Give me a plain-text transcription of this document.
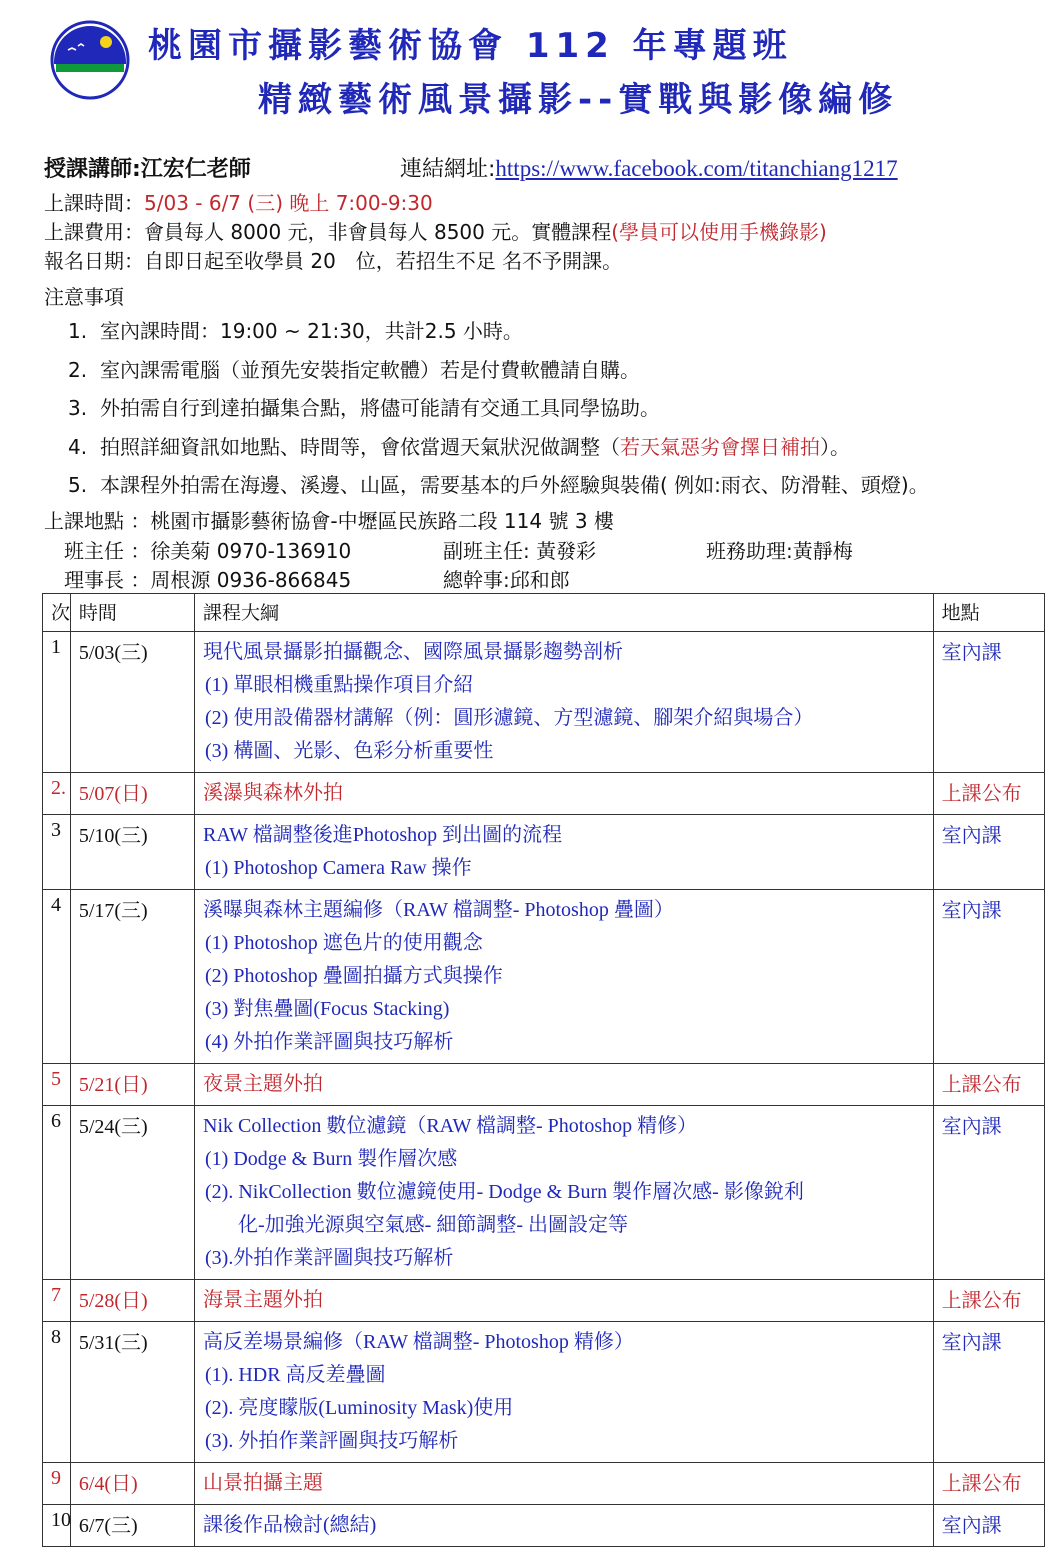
桃園市攝影藝術協會 112 年專題班
精緻藝術風景攝影--實戰與影像編修
授課講師:江宏仁老師	連結網址:https://www.facebook.com/titanchiang1217
上課時間：5/03 - 6/7 (三) 晚上 7:00-9:30
上課費用：會員每人 8000 元，非會員每人 8500 元。實體課程(學員可以使用手機錄影)
報名日期：自即日起至收學員 20　位，若招生不足 名不予開課。
注意事項
1. 室內課時間：19:00 ~ 21:30，共計2.5 小時。
2. 室內課需電腦（並預先安裝指定軟體）若是付費軟體請自購。
3. 外拍需自行到達拍攝集合點，將儘可能請有交通工具同學協助。
4. 拍照詳細資訊如地點、時間等，會依當週天氣狀況做調整（若天氣惡劣會擇日補拍）。
5. 本課程外拍需在海邊、溪邊、山區，需要基本的戶外經驗與裝備( 例如:雨衣、防滑鞋、頭燈)。
上課地點 ：桃園市攝影藝術協會-中壢區民族路二段 114 號 3 樓
班主任 ：徐美菊 0970-136910	副班主任: 黃發彩	班務助理:黃靜梅
理事長 ：周根源 0936-866845	總幹事:邱和郎
次	時間	課程大綱	地點
1	5/03(三)	現代風景攝影拍攝觀念、國際風景攝影趨勢剖析
(1) 單眼相機重點操作項目介紹
(2) 使用設備器材講解（例：圓形濾鏡、方型濾鏡、腳架介紹與場合）
(3) 構圖、光影、色彩分析重要性	室內課
2.	5/07(日)	溪瀑與森林外拍	上課公布
3	5/10(三)	RAW 檔調整後進Photoshop 到出圖的流程
(1) Photoshop Camera Raw 操作	室內課
4	5/17(三)	溪曝與森林主題編修（RAW 檔調整- Photoshop 疊圖）
(1) Photoshop 遮色片的使用觀念
(2) Photoshop 疊圖拍攝方式與操作
(3) 對焦疊圖(Focus Stacking)
(4) 外拍作業評圖與技巧解析	室內課
5	5/21(日)	夜景主題外拍	上課公布
6	5/24(三)	Nik Collection 數位濾鏡（RAW 檔調整- Photoshop 精修）
(1) Dodge & Burn 製作層次感
(2). NikCollection 數位濾鏡使用- Dodge & Burn 製作層次感- 影像銳利
化-加強光源與空氣感- 細節調整- 出圖設定等
(3).外拍作業評圖與技巧解析	室內課
7	5/28(日)	海景主題外拍	上課公布
8	5/31(三)	高反差場景編修（RAW 檔調整- Photoshop 精修）
(1). HDR 高反差疊圖
(2). 亮度矇版(Luminosity Mask)使用
(3). 外拍作業評圖與技巧解析	室內課
9	6/4(日)	山景拍攝主題	上課公布
10	6/7(三)	課後作品檢討(總結)	室內課
